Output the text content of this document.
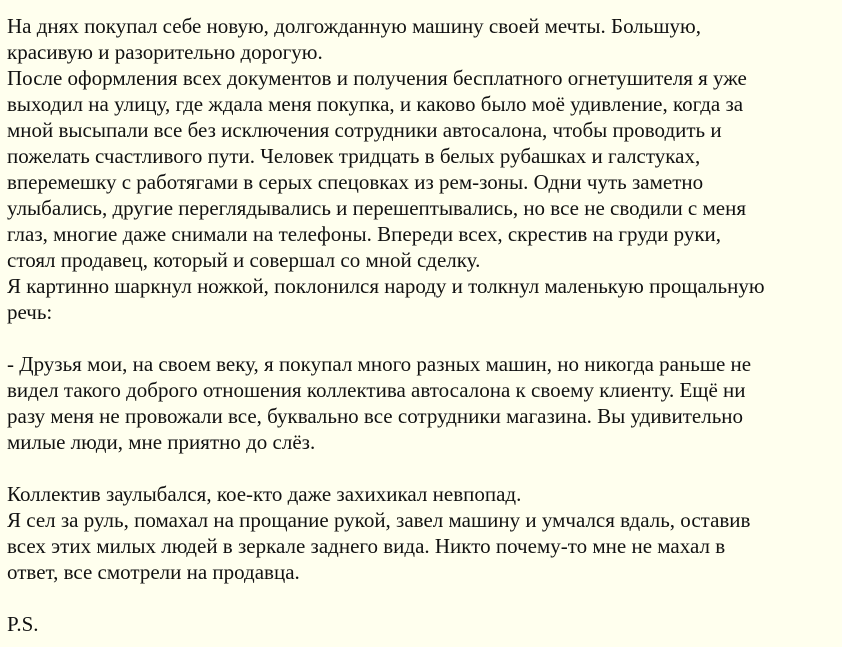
На днях покупал себе новую, долгожданную машину своей мечты. Большую,
красивую и разорительно дорогую.
После оформления всех документов и получения бесплатного огнетушителя я уже
выходил на улицу, где ждала меня покупка, и каково было моё удивление, когда за
мной высыпали все без исключения сотрудники автосалона, чтобы проводить и
пожелать счастливого пути. Человек тридцать в белых рубашках и галстуках,
вперемешку с работягами в серых спецовках из рем-зоны. Одни чуть заметно
улыбались, другие переглядывались и перешептывались, но все не сводили с меня
глаз, многие даже снимали на телефоны. Впереди всех, скрестив на груди руки,
стоял продавец, который и совершал со мной сделку.
Я картинно шаркнул ножкой, поклонился народу и толкнул маленькую прощальную
речь:
- Друзья мои, на своем веку, я покупал много разных машин, но никогда раньше не
видел такого доброго отношения коллектива автосалона к своему клиенту. Ещё ни
разу меня не провожали все, буквально все сотрудники магазина. Вы удивительно
милые люди, мне приятно до слёз.
Коллектив заулыбался, кое-кто даже захихикал невпопад.
Я сел за руль, помахал на прощание рукой, завел машину и умчался вдаль, оставив
всех этих милых людей в зеркале заднего вида. Никто почему-то мне не махал в
ответ, все смотрели на продавца.
P.S.
